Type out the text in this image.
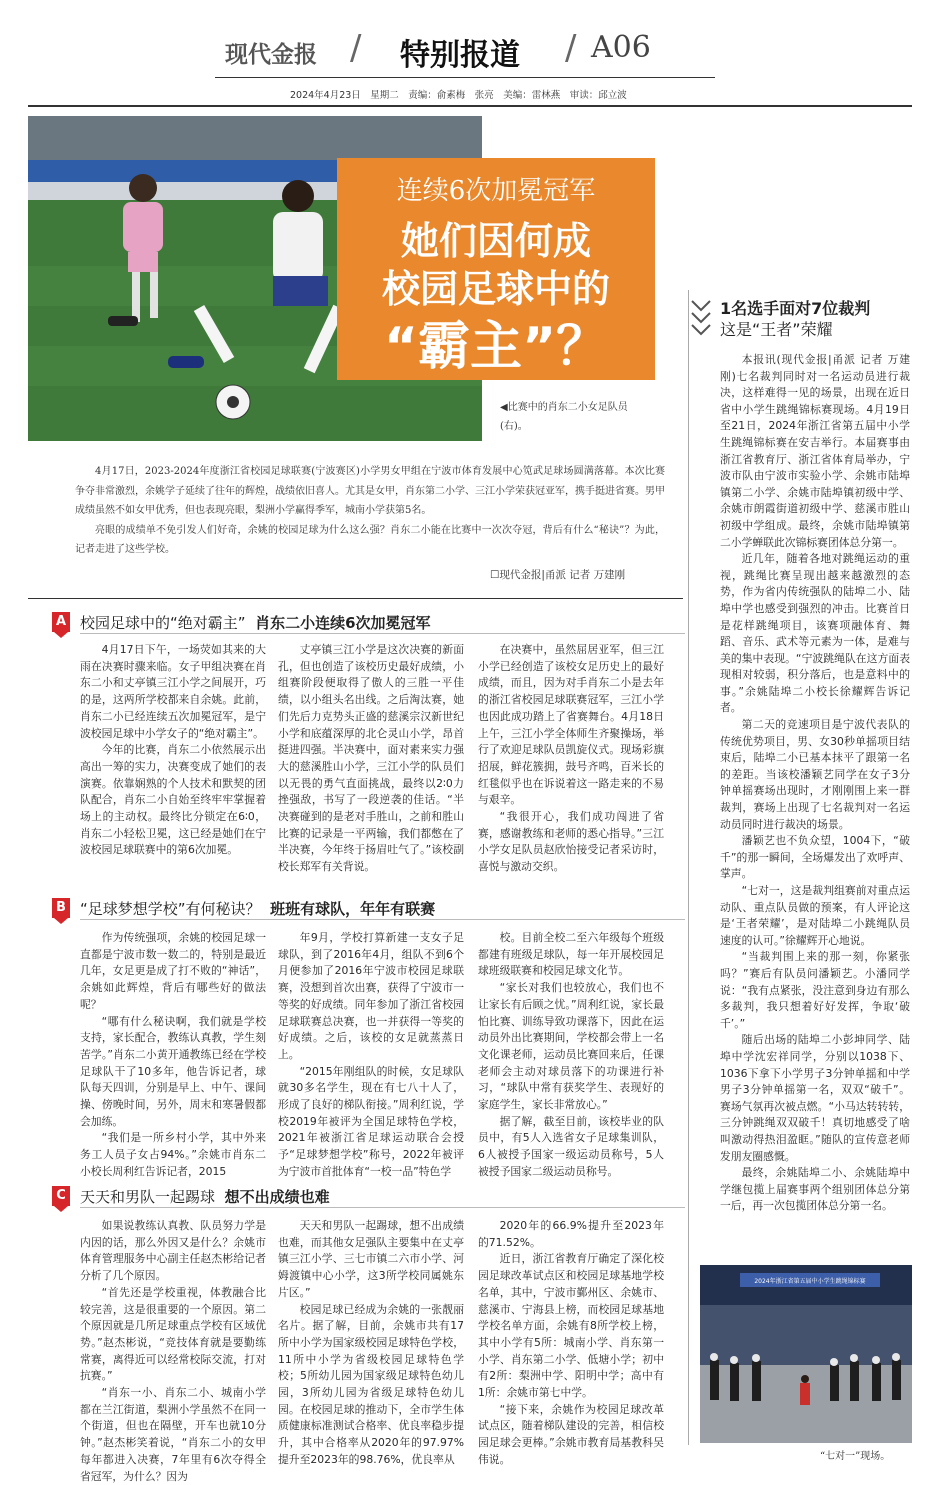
现代金报 / 特别报道 / A06
2024年4月23日　星期二　责编：俞素梅　张亮　美编：雷林燕　审读：邱立波
连续6次加冕冠军
她们因何成
校园足球中的
“霸主”？
◀比赛中的肖东二小女足队员(右)。

4月17日，2023-2024年度浙江省校园足球联赛(宁波赛区)小学男女甲组在宁波市体育发展中心笕武足球场圆满落幕。本次比赛争夺非常激烈，余姚学子延续了往年的辉煌，战绩依旧喜人。尤其是女甲，肖东第二小学、三江小学荣获冠亚军，携手挺进省赛。男甲成绩虽然不如女甲优秀，但也表现亮眼，梨洲小学赢得季军，城南小学获第5名。

亮眼的成绩单不免引发人们好奇，余姚的校园足球为什么这么强？肖东二小能在比赛中一次次夺冠，背后有什么“秘诀”？为此，记者走进了这些学校。

☐现代金报|甬派 记者 万建刚
A 校园足球中的“绝对霸主” 肖东二小连续6次加冕冠军

4月17日下午，一场荧如其来的大雨在决赛时骤来临。女子甲组决赛在肖东二小和丈亭镇三江小学之间展开，巧的是，这两所学校都来自余姚。此前，肖东二小已经连续五次加冕冠军，是宁波校园足球中小学女子的“绝对霸主”。

今年的比赛，肖东二小依然展示出高出一筹的实力，决赛变成了她们的表演赛。依靠娴熟的个人技术和默契的团队配合，肖东二小自始至终牢牢掌握着场上的主动权。最终比分锁定在6∶0，肖东二小轻松卫冕，这已经是她们在宁波校园足球联赛中的第6次加冕。

丈亭镇三江小学是这次决赛的新面孔，但也创造了该校历史最好成绩，小组赛阶段便取得了傲人的三胜一平佳绩，以小组头名出线。之后淘汰赛，她们先后力克势头正盛的慈溪宗汉新世纪小学和底蕴深厚的北仑灵山小学，昂首挺进四强。半决赛中，面对素来实力强大的慈溪胜山小学，三江小学的队员们以无畏的勇气直面挑战，最终以2∶0力挫强敌，书写了一段逆袭的佳话。“半决赛碰到的是老对手胜山，之前和胜山比赛的记录是一平两输，我们都憋在了半决赛，今年终于扬眉吐气了。”该校副校长郑军有关背说。

在决赛中，虽然屈居亚军，但三江小学已经创造了该校女足历史上的最好成绩，而且，因为对手肖东二小是去年的浙江省校园足球联赛冠军，三江小学也因此成功踏上了省赛舞台。4月18日上午，三江小学全体师生齐聚操场，举行了欢迎足球队员凯旋仪式。现场彩旗招展，鲜花簇拥，鼓号齐鸣，百米长的红毯似乎也在诉说着这一路走来的不易与艰辛。

“我很开心，我们成功闯进了省赛，感谢教练和老师的悉心指导。”三江小学女足队员赵欣怡接受记者采访时，喜悦与激动交织。

B “足球梦想学校”有何秘诀？ 班班有球队，年年有联赛

作为传统强项，余姚的校园足球一直都是宁波市数一数二的，特别是最近几年，女足更是成了打不败的“神话”，余姚如此辉煌，背后有哪些好的做法呢？

“哪有什么秘诀啊，我们就是学校支持，家长配合，教练认真教，学生刻苦学。”肖东二小黄开通教练已经在学校足球队干了10多年，他告诉记者，球队每天四训，分别是早上、中午、课间操、傍晚时间，另外，周末和寒暑假都会加练。

“我们是一所乡村小学，其中外来务工人员子女占94%。”余姚市肖东二小校长周利红告诉记者，2015

年9月，学校打算新建一支女子足球队，到了2016年4月，组队不到6个月便参加了2016年宁波市校园足球联赛，没想到首次出赛，获得了宁波市一等奖的好成绩。同年参加了浙江省校园足球联赛总决赛，也一并获得一等奖的好成绩。之后，该校的女足就蒸蒸日上。

“2015年刚组队的时候，女足球队就30多名学生，现在有七八十人了，形成了良好的梯队衔接。”周利红说，学校2019年被评为全国足球特色学校，2021年被浙江省足球运动联合会授予“足球梦想学校”称号，2022年被评为宁波市首批体育“一校一品”特色学

校。目前全校二至六年级每个班级都建有班级足球队，每一年开展校园足球班级联赛和校园足球文化节。

“家长对我们也较放心，我们也不让家长有后顾之忧。”周利红说，家长最怕比赛、训练导致功课落下，因此在运动员外出比赛期间，学校都会带上一名文化课老师，运动员比赛回来后，任课老师会主动对球员落下的功课进行补习，“球队中常有获奖学生、表现好的家庭学生，家长非常放心。”

据了解，截至目前，该校毕业的队员中，有5人入选省女子足球集训队，6人被授予国家一级运动员称号，5人被授予国家二级运动员称号。

C 天天和男队一起踢球 想不出成绩也难

如果说教练认真教、队员努力学是内因的话，那么外因又是什么？余姚市体育管理服务中心副主任赵杰彬给记者分析了几个原因。

“首先还是学校重视，体教融合比较完善，这是很重要的一个原因。第二个原因就是几所足球重点学校有区域优势。”赵杰彬说，“竞技体育就是要勤练常赛，离得近可以经常校际交流，打对抗赛。”

“肖东一小、肖东二小、城南小学都在兰江街道，梨洲小学虽然不在同一个街道，但也在隔壁，开车也就10分钟。”赵杰彬笑着说，“肖东二小的女甲每年都进入决赛，7年里有6次夺得全省冠军，为什么？因为

天天和男队一起踢球，想不出成绩也难，而其他女足强队主要集中在丈亭镇三江小学、三七市镇二六市小学、河姆渡镇中心小学，这3所学校同属姚东片区。”

校园足球已经成为余姚的一张靓丽名片。据了解，目前，余姚市共有17所中小学为国家级校园足球特色学校，11所中小学为省级校园足球特色学校；5所幼儿园为国家级足球特色幼儿园，3所幼儿园为省级足球特色幼儿园。在校园足球的推动下，全市学生体质健康标准测试合格率、优良率稳步提升，其中合格率从2020年的97.97%提升至2023年的98.76%，优良率从

2020年的66.9%提升至2023年的71.52%。

近日，浙江省教育厅确定了深化校园足球改革试点区和校园足球基地学校名单，其中，宁波市鄞州区、余姚市、慈溪市、宁海县上榜，而校园足球基地学校名单方面，余姚有8所学校上榜，其中小学有5所：城南小学、肖东第一小学、肖东第二小学、低塘小学；初中有2所：梨洲中学、阳明中学；高中有1所：余姚市第七中学。

“接下来，余姚作为校园足球改革试点区，随着梯队建设的完善，相信校园足球会更棒。”余姚市教育局基教科吴伟说。

1名选手面对7位裁判
这是“王者”荣耀

本报讯(现代金报|甬派 记者 万建刚)七名裁判同时对一名运动员进行裁决，这样难得一见的场景，出现在近日省中小学生跳绳锦标赛现场。4月19日至21日，2024年浙江省第五届中小学生跳绳锦标赛在安吉举行。本届赛事由浙江省教育厅、浙江省体育局举办，宁波市队由宁波市实验小学、余姚市陆埠镇第二小学、余姚市陆埠镇初级中学、余姚市朗霞街道初级中学、慈溪市胜山初级中学组成。最终，余姚市陆埠镇第二小学蝉联此次锦标赛团体总分第一。

近几年，随着各地对跳绳运动的重视，跳绳比赛呈现出越来越激烈的态势，作为省内传统强队的陆埠二小、陆埠中学也感受到强烈的冲击。比赛首日是花样跳绳项目，该赛项融体育、舞蹈、音乐、武术等元素为一体，是难与美的集中表现。“宁波跳绳队在这方面表现相对较弱，积分落后，也是意料中的事。”余姚陆埠二小校长徐耀辉告诉记者。

第二天的竞速项目是宁波代表队的传统优势项目，男、女30秒单摇项目结束后，陆埠二小已基本抹平了跟第一名的差距。当该校潘颖艺同学在女子3分钟单摇赛场出现时，才刚刚围上来一群裁判，赛场上出现了七名裁判对一名运动员同时进行裁决的场景。

潘颖艺也不负众望，1004下，“破千”的那一瞬间，全场爆发出了欢呼声、掌声。

“七对一，这是裁判组赛前对重点运动队、重点队员做的预案，有人评论这是‘王者荣耀’，是对陆埠二小跳绳队员速度的认可。”徐耀辉开心地说。

“当裁判围上来的那一刻，你紧张吗？”赛后有队员问潘颖艺。小潘同学说：“我有点紧张，没注意到身边有那么多裁判，我只想着好好发挥，争取‘破千’。”

随后出场的陆埠二小彭坤同学、陆埠中学沈宏祥同学，分别以1038下、1036下拿下小学男子3分钟单摇和中学男子3分钟单摇第一名，双双“破千”。赛场气氛再次被点燃。“小马达转转转，三分钟跳绳双双破千！真切地感受了啥叫激动得热泪盈眶。”随队的宣传意老师发朋友圈感慨。

最终，余姚陆埠二小、余姚陆埠中学继包揽上届赛事两个组别团体总分第一后，再一次包揽团体总分第一名。

2024年浙江省第五届中小学生跳绳锦标赛
“七对一”现场。
